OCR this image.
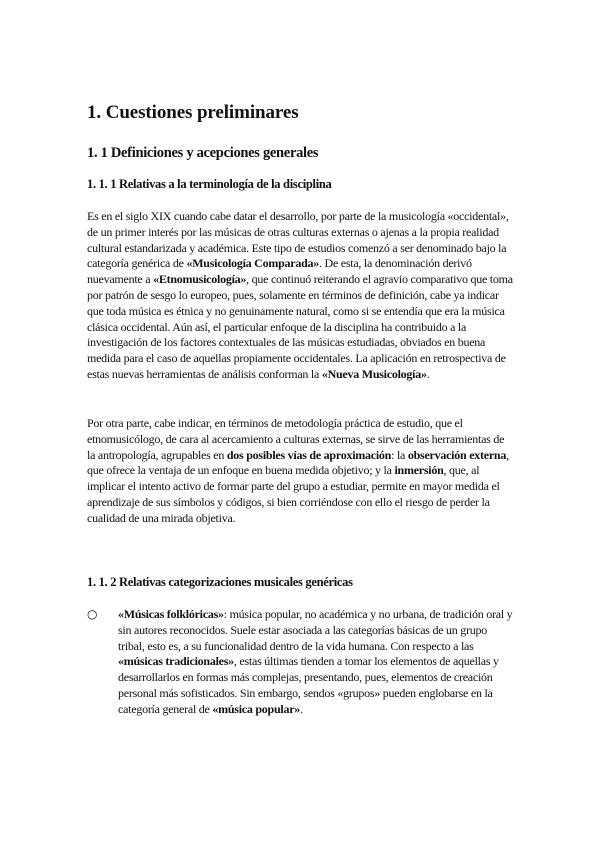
1. Cuestiones preliminares
1. 1 Definiciones y acepciones generales
1. 1. 1 Relativas a la terminología de la disciplina

Es en el siglo XIX cuando cabe datar el desarrollo, por parte de la musicología «occidental», de un primer interés por las músicas de otras culturas externas o ajenas a la propia realidad cultural estandarizada y académica. Este tipo de estudios comenzó a ser denominado bajo la categoría genérica de «Musicología Comparada». De esta, la denominación derivó nuevamente a «Etnomusicología», que continuó reiterando el agravio comparativo que toma por patrón de sesgo lo europeo, pues, solamente en términos de definición, cabe ya indicar que toda música es étnica y no genuinamente natural, como si se entendía que era la música clásica occidental. Aún así, el particular enfoque de la disciplina ha contribuido a la investigación de los factores contextuales de las músicas estudiadas, obviados en buena medida para el caso de aquellas propiamente occidentales. La aplicación en retrospectiva de estas nuevas herramientas de análisis conforman la «Nueva Musicología».

Por otra parte, cabe indicar, en términos de metodología práctica de estudio, que el etnomusicólogo, de cara al acercamiento a culturas externas, se sirve de las herramientas de la antropología, agrupables en dos posibles vías de aproximación: la observación externa, que ofrece la ventaja de un enfoque en buena medida objetivo; y la inmersión, que, al implicar el intento activo de formar parte del grupo a estudiar, permite en mayor medida el aprendizaje de sus símbolos y códigos, si bien corriéndose con ello el riesgo de perder la cualidad de una mirada objetiva.

1. 1. 2 Relativas categorizaciones musicales genéricas
○ «Músicas folklóricas»: música popular, no académica y no urbana, de tradición oral y sin autores reconocidos. Suele estar asociada a las categorías básicas de un grupo tribal, esto es, a su funcionalidad dentro de la vida humana. Con respecto a las «músicas tradicionales», estas últimas tienden a tomar los elementos de aquellas y desarrollarlos en formas más complejas, presentando, pues, elementos de creación personal más sofisticados. Sin embargo, sendos «grupos» pueden englobarse en la categoría general de «música popular».
